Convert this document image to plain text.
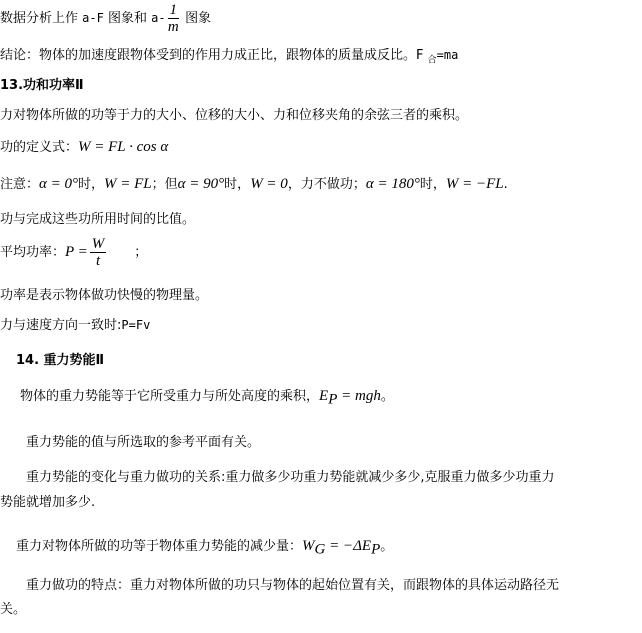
数据分析上作 a-F 图象和 $a- \frac{1}{m}$ 图象
结论：物体的加速度跟物体受到的作用力成正比，跟物体的质量成反比。F $_合$=ma
13.功和功率Ⅱ
力对物体所做的功等于力的大小、位移的大小、力和位移夹角的余弦三者的乘积。
功的定义式：W = FL · cos α
注意：α = 0°时，W = FL；但α = 90°时，W = 0，力不做功；α = 180°时，W = −FL.
功与完成这些功所用时间的比值。
平均功率：$P = \frac{W}{t}$ ；
功率是表示物体做功快慢的物理量。
力与速度方向一致时:P=Fv
14. 重力势能Ⅱ
物体的重力势能等于它所受重力与所处高度的乘积，$E_P$ = mgh。
重力势能的值与所选取的参考平面有关。
重力势能的变化与重力做功的关系:重力做多少功重力势能就减少多少,克服重力做多少功重力
势能就增加多少.
重力对物体所做的功等于物体重力势能的减少量：$W_G = -\Delta E_P$。
重力做功的特点：重力对物体所做的功只与物体的起始位置有关，而跟物体的具体运动路径无
关。
